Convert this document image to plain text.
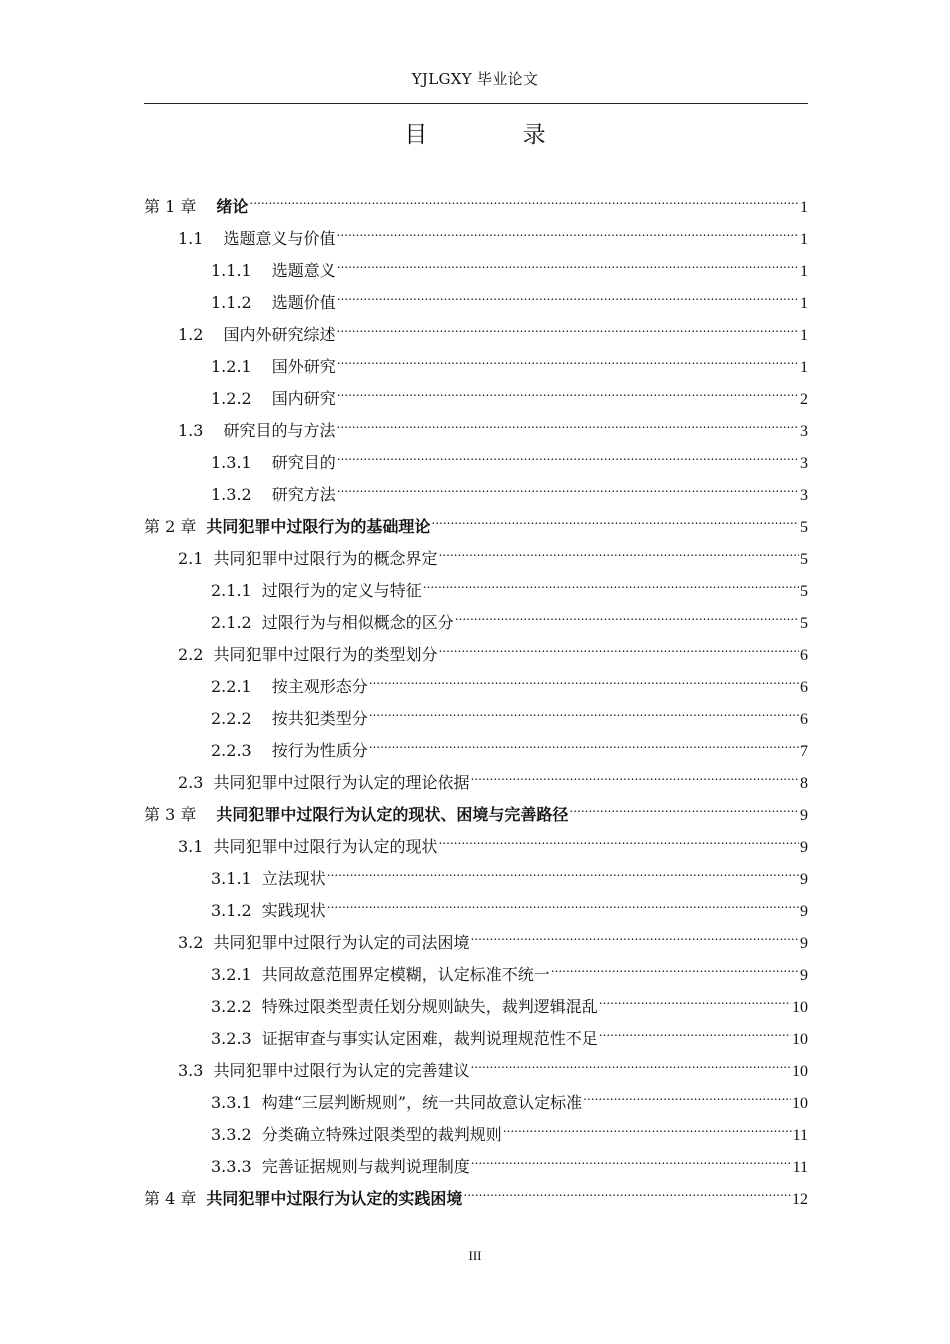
YJLGXY 毕业论文
目 录
第 1 章 绪论 .....	1
1.1 选题意义与价值 .....	1
1.1.1 选题意义 .....	1
1.1.2 选题价值 .....	1
1.2 国内外研究综述 .....	1
1.2.1 国外研究 .....	1
1.2.2 国内研究 .....	2
1.3 研究目的与方法 .....	3
1.3.1 研究目的 .....	3
1.3.2 研究方法 .....	3
第 2 章 共同犯罪中过限行为的基础理论 .....	5
2.1 共同犯罪中过限行为的概念界定 .....	5
2.1.1 过限行为的定义与特征 .....	5
2.1.2 过限行为与相似概念的区分 .....	5
2.2 共同犯罪中过限行为的类型划分 .....	6
2.2.1 按主观形态分 .....	6
2.2.2 按共犯类型分 .....	6
2.2.3 按行为性质分 .....	7
2.3 共同犯罪中过限行为认定的理论依据 .....	8
第 3 章 共同犯罪中过限行为认定的现状、困境与完善路径 .....	9
3.1 共同犯罪中过限行为认定的现状 .....	9
3.1.1 立法现状 .....	9
3.1.2 实践现状 .....	9
3.2 共同犯罪中过限行为认定的司法困境 .....	9
3.2.1 共同故意范围界定模糊，认定标准不统一 .....	9
3.2.2 特殊过限类型责任划分规则缺失，裁判逻辑混乱 .....	10
3.2.3 证据审查与事实认定困难，裁判说理规范性不足 .....	10
3.3 共同犯罪中过限行为认定的完善建议 .....	10
3.3.1 构建“三层判断规则”，统一共同故意认定标准 .....	10
3.3.2 分类确立特殊过限类型的裁判规则 .....	11
3.3.3 完善证据规则与裁判说理制度 .....	11
第 4 章 共同犯罪中过限行为认定的实践困境 .....	12
III
